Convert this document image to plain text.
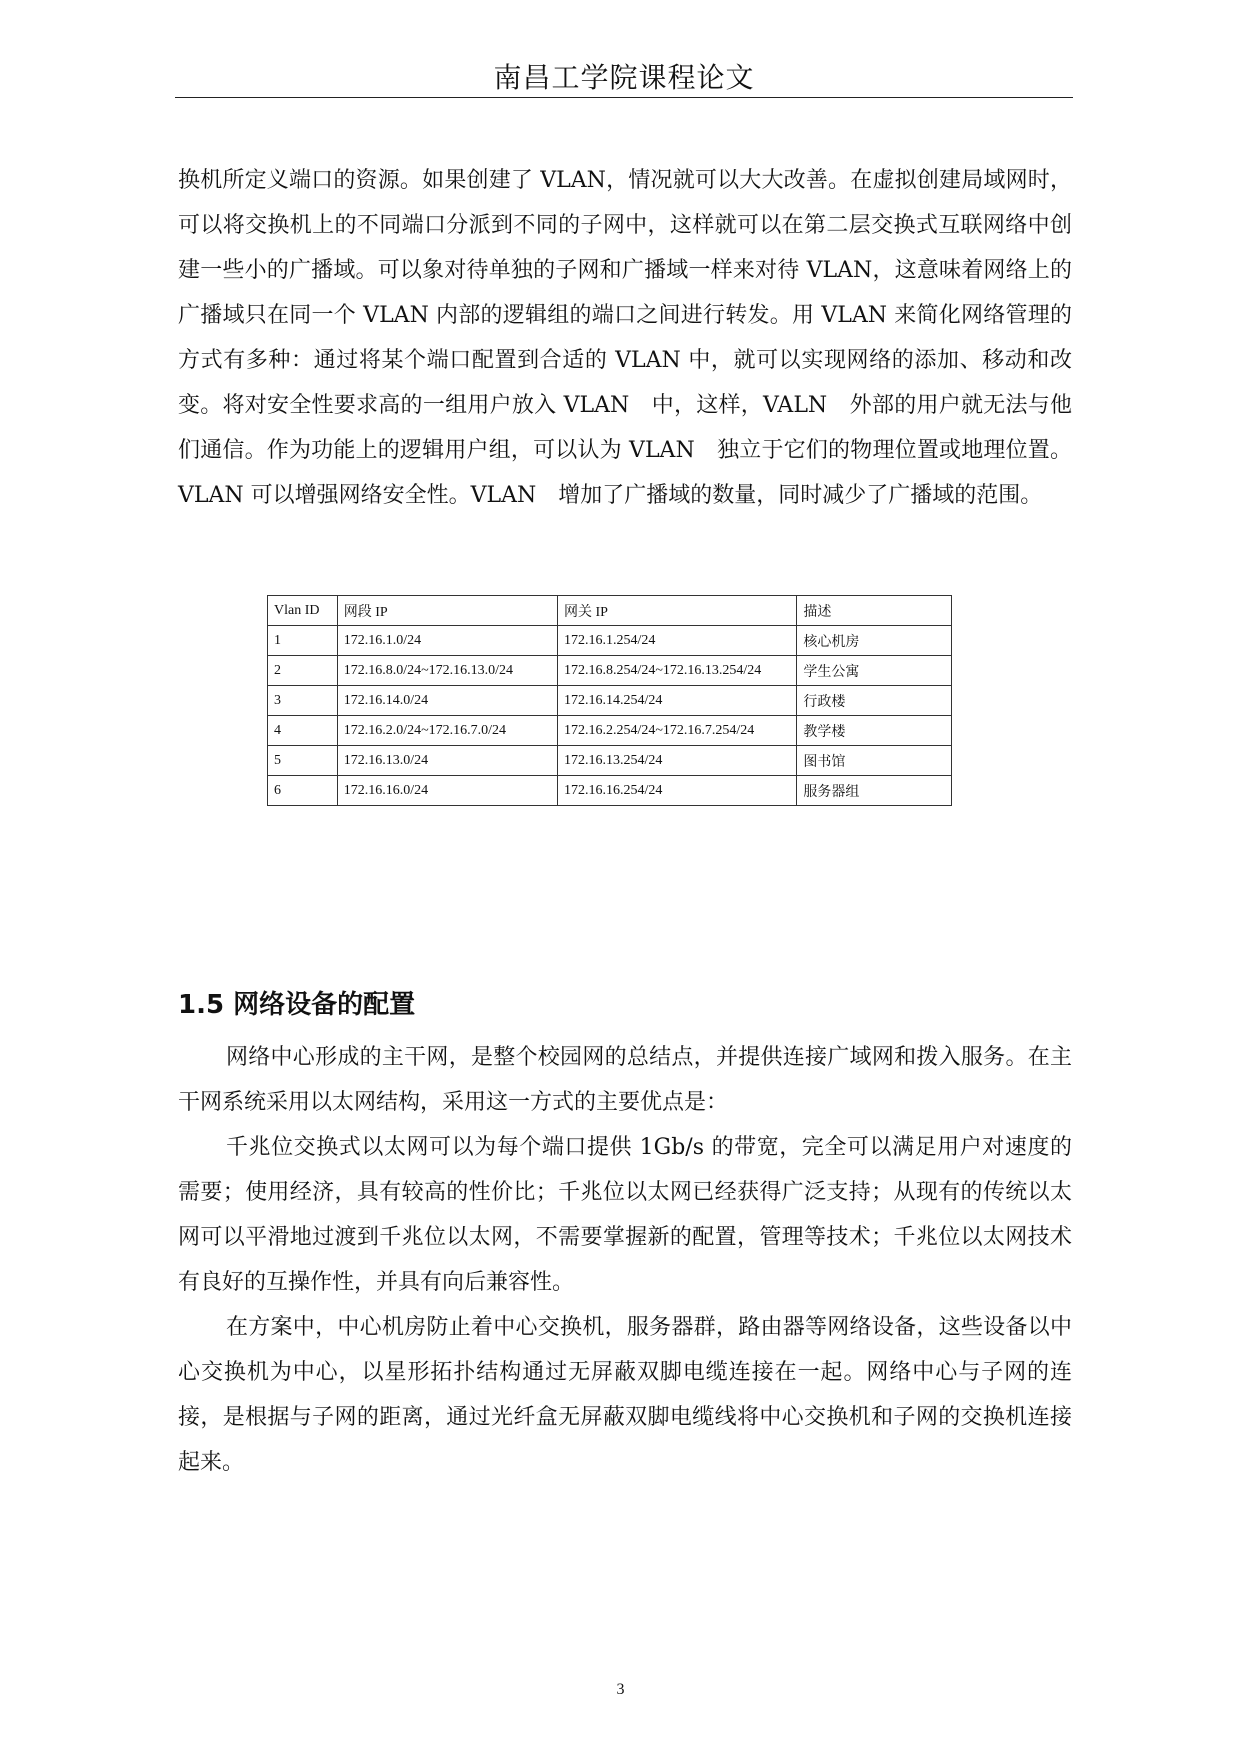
南昌工学院课程论文

换机所定义端口的资源。如果创建了 VLAN，情况就可以大大改善。在虚拟创建局域网时，可以将交换机上的不同端口分派到不同的子网中，这样就可以在第二层交换式互联网络中创建一些小的广播域。可以象对待单独的子网和广播域一样来对待 VLAN，这意味着网络上的广播域只在同一个 VLAN 内部的逻辑组的端口之间进行转发。用 VLAN 来简化网络管理的方式有多种：通过将某个端口配置到合适的 VLAN 中，就可以实现网络的添加、移动和改变。将对安全性要求高的一组用户放入 VLAN　中，这样，VALN　外部的用户就无法与他们通信。作为功能上的逻辑用户组，可以认为 VLAN　独立于它们的物理位置或地理位置。VLAN 可以增强网络安全性。VLAN　增加了广播域的数量，同时减少了广播域的范围。

Vlan ID	网段 IP	网关 IP	描述
1	172.16.1.0/24	172.16.1.254/24	核心机房
2	172.16.8.0/24~172.16.13.0/24	172.16.8.254/24~172.16.13.254/24	学生公寓
3	172.16.14.0/24	172.16.14.254/24	行政楼
4	172.16.2.0/24~172.16.7.0/24	172.16.2.254/24~172.16.7.254/24	教学楼
5	172.16.13.0/24	172.16.13.254/24	图书馆
6	172.16.16.0/24	172.16.16.254/24	服务器组
1.5 网络设备的配置

网络中心形成的主干网，是整个校园网的总结点，并提供连接广域网和拨入服务。在主干网系统采用以太网结构，采用这一方式的主要优点是：

千兆位交换式以太网可以为每个端口提供 1Gb/s 的带宽，完全可以满足用户对速度的需要；使用经济，具有较高的性价比；千兆位以太网已经获得广泛支持；从现有的传统以太网可以平滑地过渡到千兆位以太网，不需要掌握新的配置，管理等技术；千兆位以太网技术有良好的互操作性，并具有向后兼容性。

在方案中，中心机房防止着中心交换机，服务器群，路由器等网络设备，这些设备以中心交换机为中心，以星形拓扑结构通过无屏蔽双脚电缆连接在一起。网络中心与子网的连接，是根据与子网的距离，通过光纤盒无屏蔽双脚电缆线将中心交换机和子网的交换机连接起来。

3
